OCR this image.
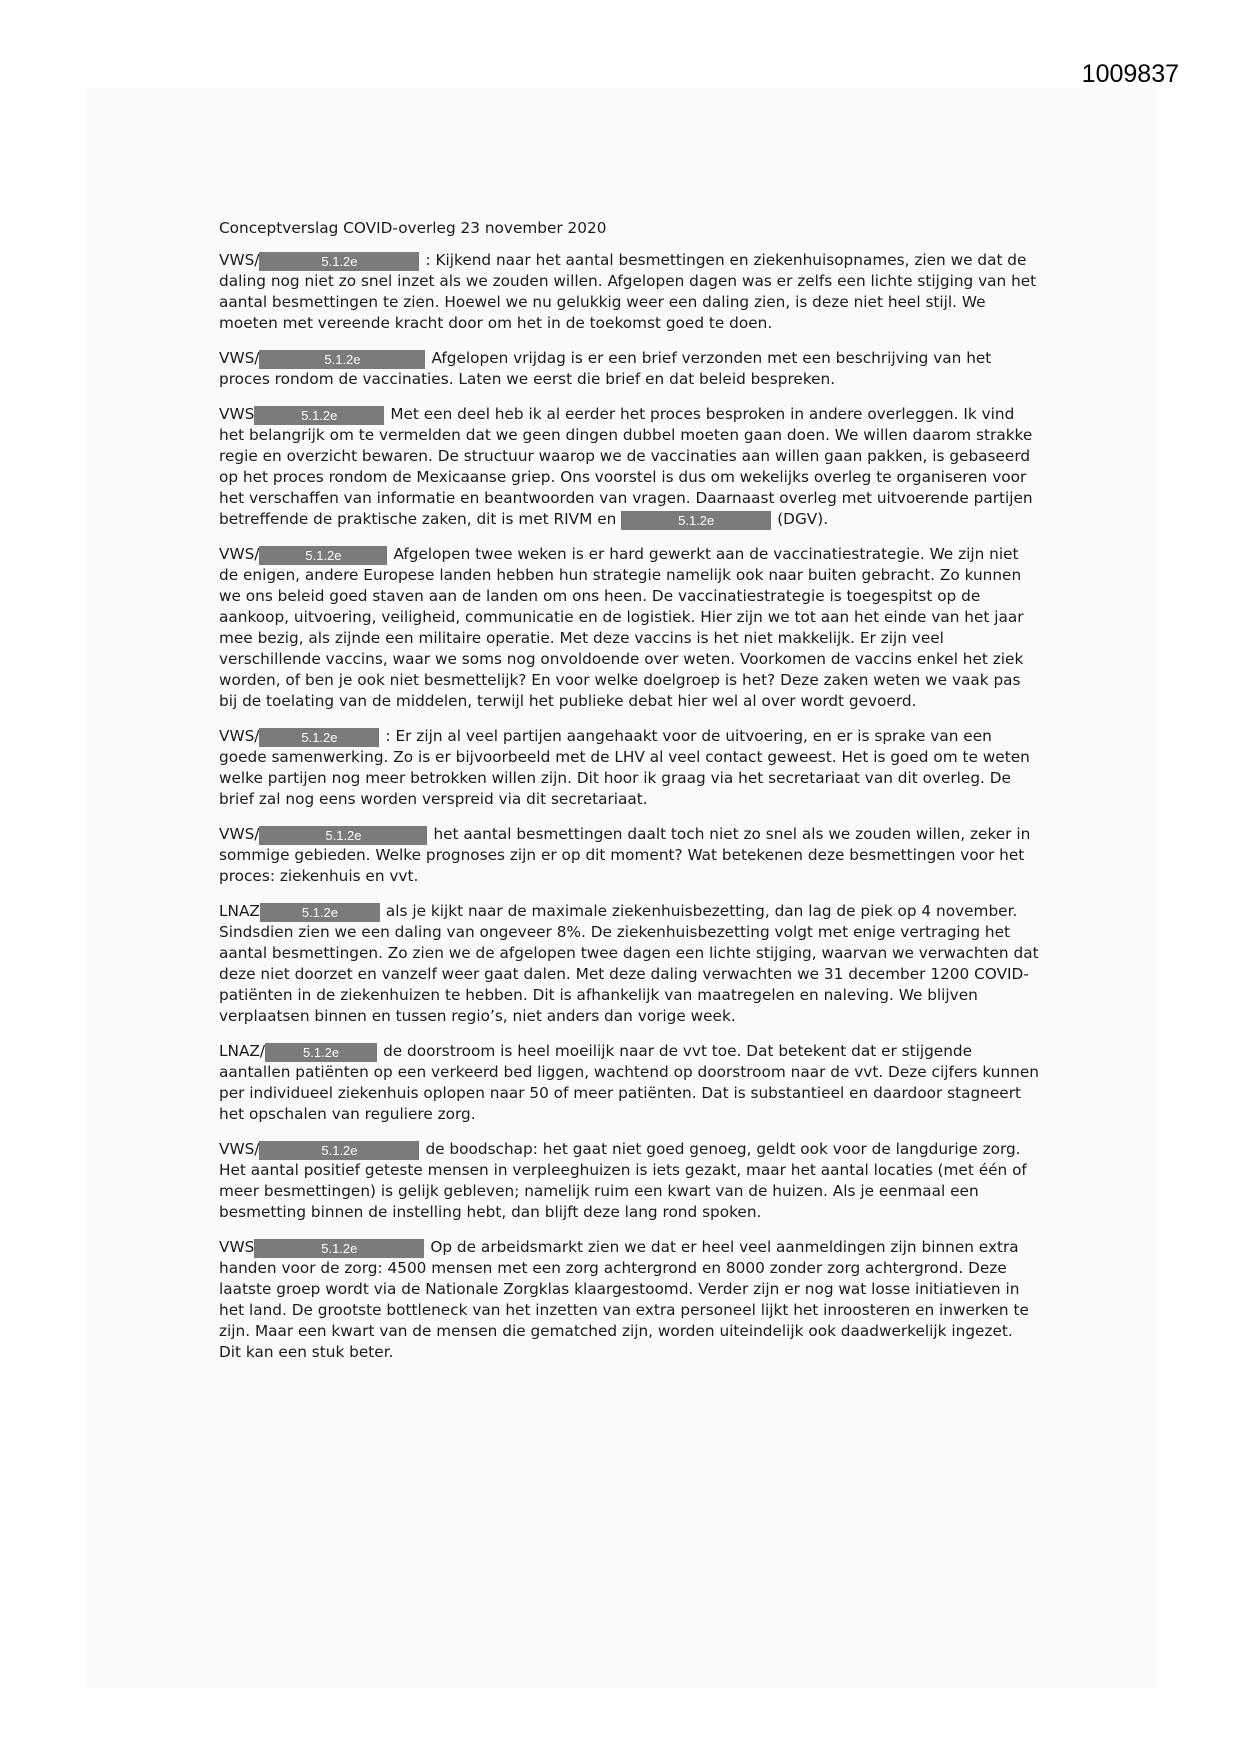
1009837

Conceptverslag COVID-overleg 23 november 2020

VWS/	5.1.2e	: Kijkend naar het aantal besmettingen en ziekenhuisopnames, zien we dat de daling nog niet zo snel inzet als we zouden willen. Afgelopen dagen was er zelfs een lichte stijging van het aantal besmettingen te zien. Hoewel we nu gelukkig weer een daling zien, is deze niet heel stijl. We moeten met vereende kracht door om het in de toekomst goed te doen.

VWS/	5.1.2e	Afgelopen vrijdag is er een brief verzonden met een beschrijving van het proces rondom de vaccinaties. Laten we eerst die brief en dat beleid bespreken.

VWS	5.1.2e	Met een deel heb ik al eerder het proces besproken in andere overleggen. Ik vind het belangrijk om te vermelden dat we geen dingen dubbel moeten gaan doen. We willen daarom strakke regie en overzicht bewaren. De structuur waarop we de vaccinaties aan willen gaan pakken, is gebaseerd op het proces rondom de Mexicaanse griep. Ons voorstel is dus om wekelijks overleg te organiseren voor het verschaffen van informatie en beantwoorden van vragen. Daarnaast overleg met uitvoerende partijen betreffende de praktische zaken, dit is met RIVM en	5.1.2e	(DGV).

VWS/	5.1.2e	Afgelopen twee weken is er hard gewerkt aan de vaccinatiestrategie. We zijn niet de enigen, andere Europese landen hebben hun strategie namelijk ook naar buiten gebracht. Zo kunnen we ons beleid goed staven aan de landen om ons heen. De vaccinatiestrategie is toegespitst op de aankoop, uitvoering, veiligheid, communicatie en de logistiek. Hier zijn we tot aan het einde van het jaar mee bezig, als zijnde een militaire operatie. Met deze vaccins is het niet makkelijk. Er zijn veel verschillende vaccins, waar we soms nog onvoldoende over weten. Voorkomen de vaccins enkel het ziek worden, of ben je ook niet besmettelijk? En voor welke doelgroep is het? Deze zaken weten we vaak pas bij de toelating van de middelen, terwijl het publieke debat hier wel al over wordt gevoerd.

VWS/	5.1.2e	: Er zijn al veel partijen aangehaakt voor de uitvoering, en er is sprake van een goede samenwerking. Zo is er bijvoorbeeld met de LHV al veel contact geweest. Het is goed om te weten welke partijen nog meer betrokken willen zijn. Dit hoor ik graag via het secretariaat van dit overleg. De brief zal nog eens worden verspreid via dit secretariaat.

VWS/	5.1.2e	het aantal besmettingen daalt toch niet zo snel als we zouden willen, zeker in sommige gebieden. Welke prognoses zijn er op dit moment? Wat betekenen deze besmettingen voor het proces: ziekenhuis en vvt.

LNAZ	5.1.2e	als je kijkt naar de maximale ziekenhuisbezetting, dan lag de piek op 4 november. Sindsdien zien we een daling van ongeveer 8%. De ziekenhuisbezetting volgt met enige vertraging het aantal besmettingen. Zo zien we de afgelopen twee dagen een lichte stijging, waarvan we verwachten dat deze niet doorzet en vanzelf weer gaat dalen. Met deze daling verwachten we 31 december 1200 COVID-patiënten in de ziekenhuizen te hebben. Dit is afhankelijk van maatregelen en naleving. We blijven verplaatsen binnen en tussen regio’s, niet anders dan vorige week.

LNAZ/	5.1.2e	de doorstroom is heel moeilijk naar de vvt toe. Dat betekent dat er stijgende aantallen patiënten op een verkeerd bed liggen, wachtend op doorstroom naar de vvt. Deze cijfers kunnen per individueel ziekenhuis oplopen naar 50 of meer patiënten. Dat is substantieel en daardoor stagneert het opschalen van reguliere zorg.

VWS/	5.1.2e	de boodschap: het gaat niet goed genoeg, geldt ook voor de langdurige zorg. Het aantal positief geteste mensen in verpleeghuizen is iets gezakt, maar het aantal locaties (met één of meer besmettingen) is gelijk gebleven; namelijk ruim een kwart van de huizen. Als je eenmaal een besmetting binnen de instelling hebt, dan blijft deze lang rond spoken.

VWS	5.1.2e	Op de arbeidsmarkt zien we dat er heel veel aanmeldingen zijn binnen extra handen voor de zorg: 4500 mensen met een zorg achtergrond en 8000 zonder zorg achtergrond. Deze laatste groep wordt via de Nationale Zorgklas klaargestoomd. Verder zijn er nog wat losse initiatieven in het land. De grootste bottleneck van het inzetten van extra personeel lijkt het inroosteren en inwerken te zijn. Maar een kwart van de mensen die gematched zijn, worden uiteindelijk ook daadwerkelijk ingezet. Dit kan een stuk beter.
